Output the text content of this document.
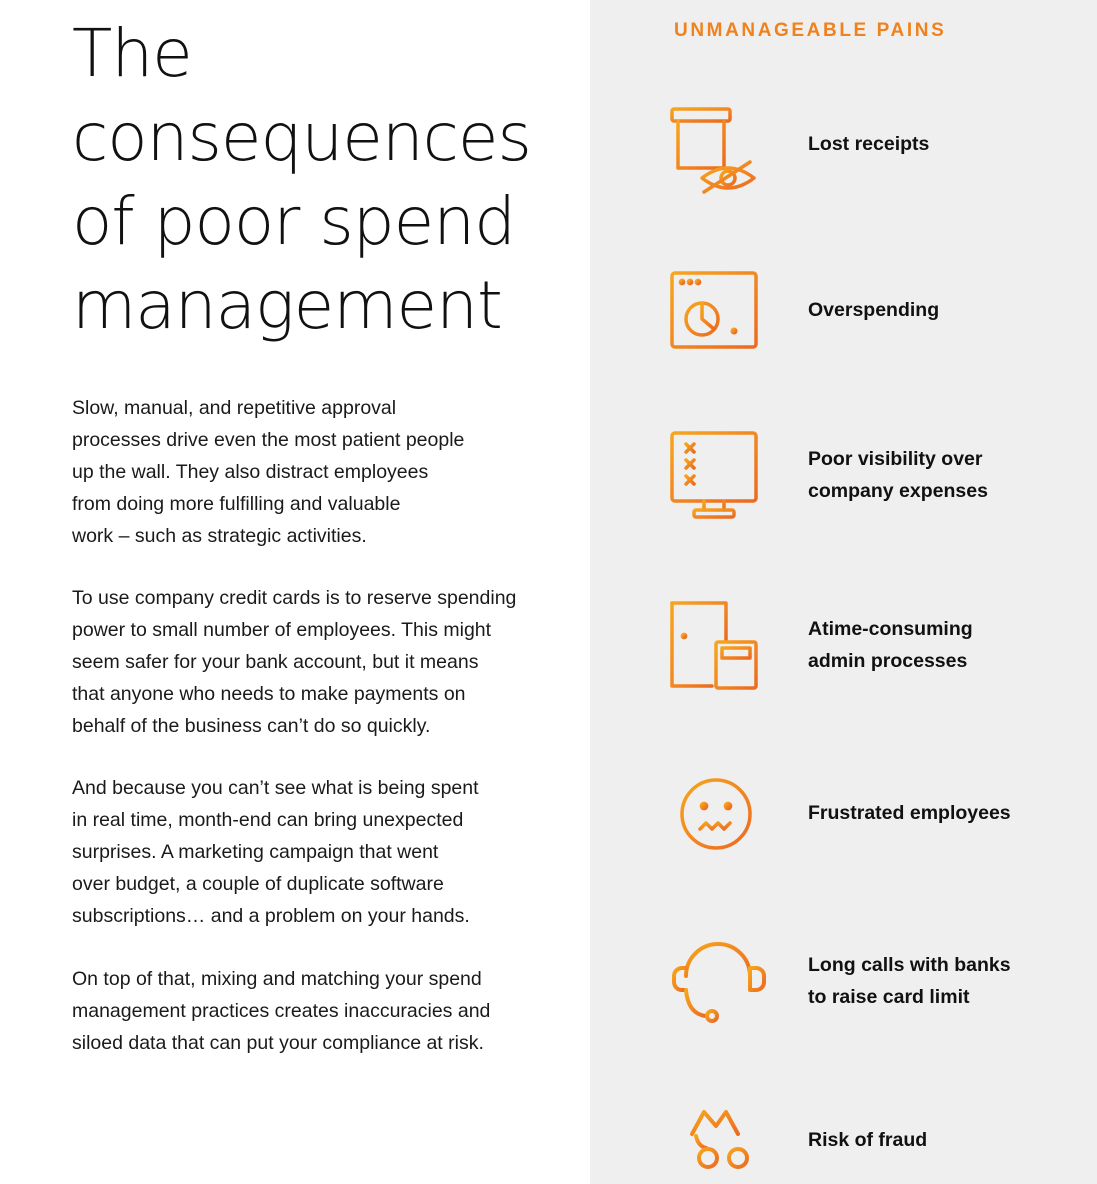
The
consequences
of poor spend
management

Slow, manual, and repetitive approval
processes drive even the most patient people
up the wall. They also distract employees
from doing more fulfilling and valuable
work – such as strategic activities.

To use company credit cards is to reserve spending
power to small number of employees. This might
seem safer for your bank account, but it means
that anyone who needs to make payments on
behalf of the business can’t do so quickly.

And because you can’t see what is being spent
in real time, month-end can bring unexpected
surprises. A marketing campaign that went
over budget, a couple of duplicate software
subscriptions… and a problem on your hands.

On top of that, mixing and matching your spend
management practices creates inaccuracies and
siloed data that can put your compliance at risk.

UNMANAGEABLE PAINS
Lost receipts
Overspending
Poor visibility over
company expenses
Atime-consuming
admin processes
Frustrated employees
Long calls with banks
to raise card limit
Risk of fraud
